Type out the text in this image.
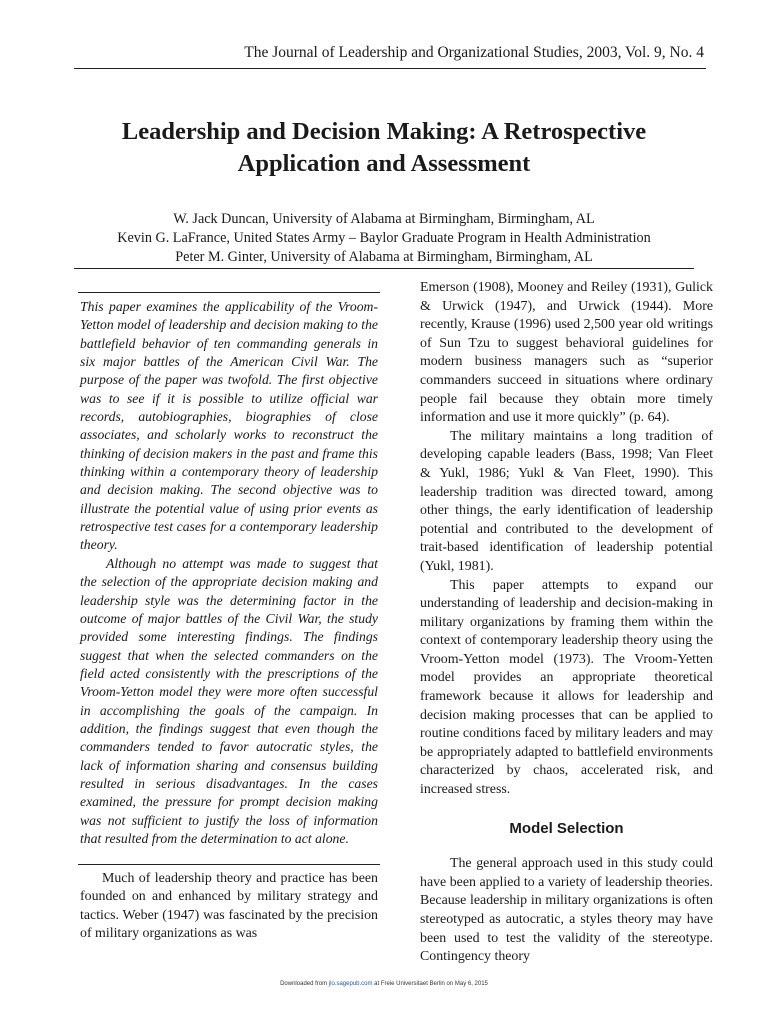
The Journal of Leadership and Organizational Studies, 2003, Vol. 9, No. 4
Leadership and Decision Making: A Retrospective
Application and Assessment
W. Jack Duncan, University of Alabama at Birmingham, Birmingham, AL
Kevin G. LaFrance, United States Army – Baylor Graduate Program in Health Administration
Peter M. Ginter, University of Alabama at Birmingham, Birmingham, AL

This paper examines the applicability of the Vroom-Yetton model of leadership and decision making to the battlefield behavior of ten commanding generals in six major battles of the American Civil War. The purpose of the paper was twofold. The first objective was to see if it is possible to utilize official war records, autobiographies, biographies of close associates, and scholarly works to reconstruct the thinking of decision makers in the past and frame this thinking within a contemporary theory of leadership and decision making. The second objective was to illustrate the potential value of using prior events as retrospective test cases for a contemporary leadership theory.

Although no attempt was made to suggest that the selection of the appropriate decision making and leadership style was the determining factor in the outcome of major battles of the Civil War, the study provided some interesting findings. The findings suggest that when the selected commanders on the field acted consistently with the prescriptions of the Vroom-Yetton model they were more often successful in accomplishing the goals of the campaign. In addition, the findings suggest that even though the commanders tended to favor autocratic styles, the lack of information sharing and consensus building resulted in serious disadvantages. In the cases examined, the pressure for prompt decision making was not sufficient to justify the loss of information that resulted from the determination to act alone.

Much of leadership theory and practice has been founded on and enhanced by military strategy and tactics. Weber (1947) was fascinated by the precision of military organizations as was

Emerson (1908), Mooney and Reiley (1931), Gulick & Urwick (1947), and Urwick (1944). More recently, Krause (1996) used 2,500 year old writings of Sun Tzu to suggest behavioral guidelines for modern business managers such as “superior commanders succeed in situations where ordinary people fail because they obtain more timely information and use it more quickly” (p. 64).

The military maintains a long tradition of developing capable leaders (Bass, 1998; Van Fleet & Yukl, 1986; Yukl & Van Fleet, 1990). This leadership tradition was directed toward, among other things, the early identification of leadership potential and contributed to the development of trait-based identification of leadership potential (Yukl, 1981).

This paper attempts to expand our understanding of leadership and decision-making in military organizations by framing them within the context of contemporary leadership theory using the Vroom-Yetton model (1973). The Vroom-Yetten model provides an appropriate theoretical framework because it allows for leadership and decision making processes that can be applied to routine conditions faced by military leaders and may be appropriately adapted to battlefield environments characterized by chaos, accelerated risk, and increased stress.

Model Selection

The general approach used in this study could have been applied to a variety of leadership theories. Because leadership in military organizations is often stereotyped as autocratic, a styles theory may have been used to test the validity of the stereotype. Contingency theory

Downloaded from jlo.sagepub.com at Freie Universitaet Berlin on May 6, 2015
